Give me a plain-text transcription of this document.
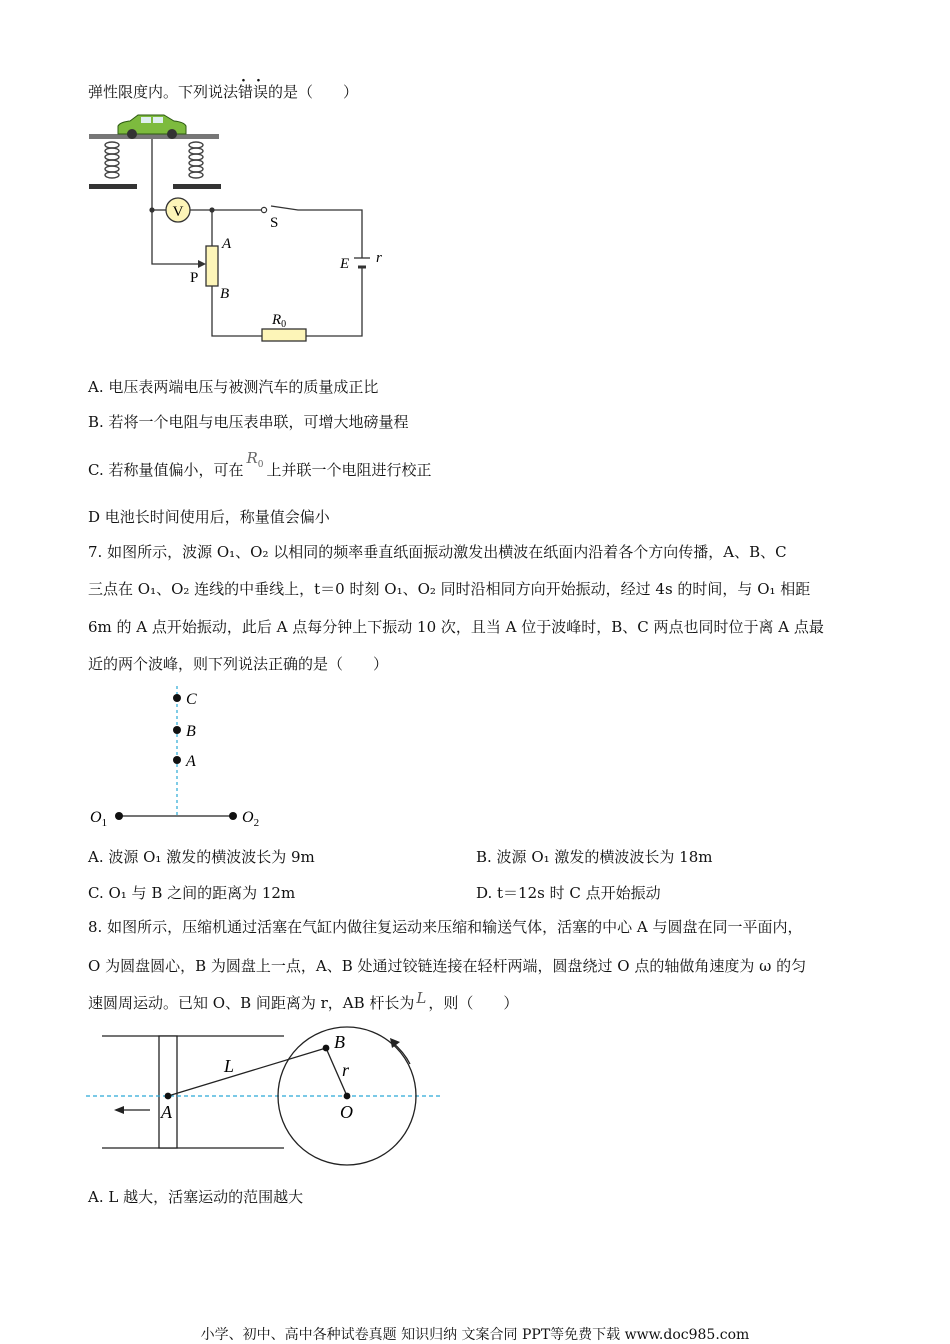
弹性限度内。下列说法错误的是（　　）
V
A
B
P
S
E r
$R_0$
A. 电压表两端电压与被测汽车的质量成正比
B. 若将一个电阻与电压表串联，可增大地磅量程
C. 若称量值偏小，可在$R_0$ 上并联一个电阻进行校正
D 电池长时间使用后，称量值会偏小
7. 如图所示，波源 O₁、O₂ 以相同的频率垂直纸面振动激发出横波在纸面内沿着各个方向传播，A、B、C
三点在 O₁、O₂ 连线的中垂线上，t＝0 时刻 O₁、O₂ 同时沿相同方向开始振动，经过 4s 的时间，与 O₁ 相距
6m 的 A 点开始振动，此后 A 点每分钟上下振动 10 次，且当 A 位于波峰时，B、C 两点也同时位于离 A 点最
近的两个波峰，则下列说法正确的是（　　）
C
B
A
$O_1$	$O_2$
A. 波源 O₁ 激发的横波波长为 9m	B. 波源 O₁ 激发的横波波长为 18m
C. O₁ 与 B 之间的距离为 12m	D. t＝12s 时 C 点开始振动
8. 如图所示，压缩机通过活塞在气缸内做往复运动来压缩和输送气体，活塞的中心 A 与圆盘在同一平面内，
O 为圆盘圆心，B 为圆盘上一点，A、B 处通过铰链连接在轻杆两端，圆盘绕过 O 点的轴做角速度为 ω 的匀
速圆周运动。已知 O、B 间距离为 r，AB 杆长为 L ，则（　　）
L
B
r
A	O
A. L 越大，活塞运动的范围越大
小学、初中、高中各种试卷真题 知识归纳 文案合同 PPT等免费下载 www.doc985.com
